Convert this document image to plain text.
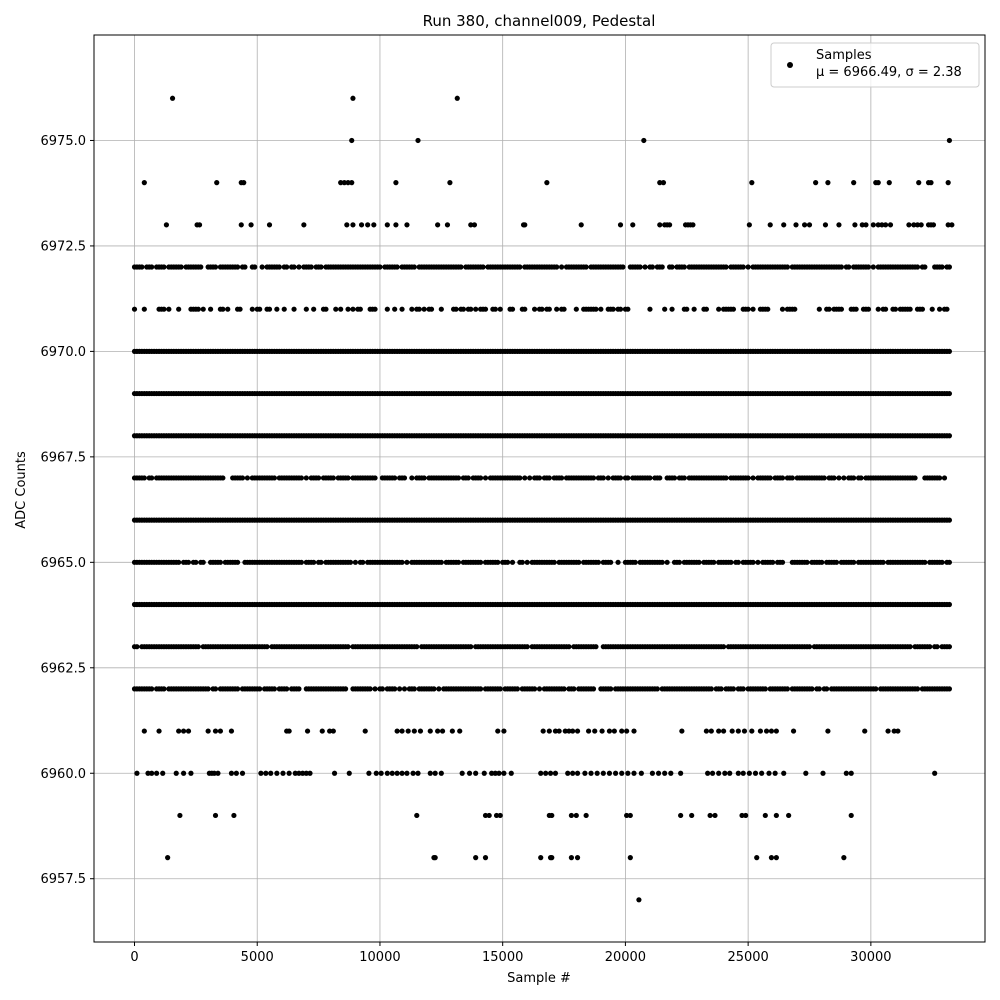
Run 380, channel009, Pedestal
0	5000	10000	15000	20000	25000	30000
6957.5
6960.0
6962.5
6965.0
6967.5
6970.0
6972.5
6975.0
Sample #
ADC Counts
Samples
μ = 6966.49, σ = 2.38
